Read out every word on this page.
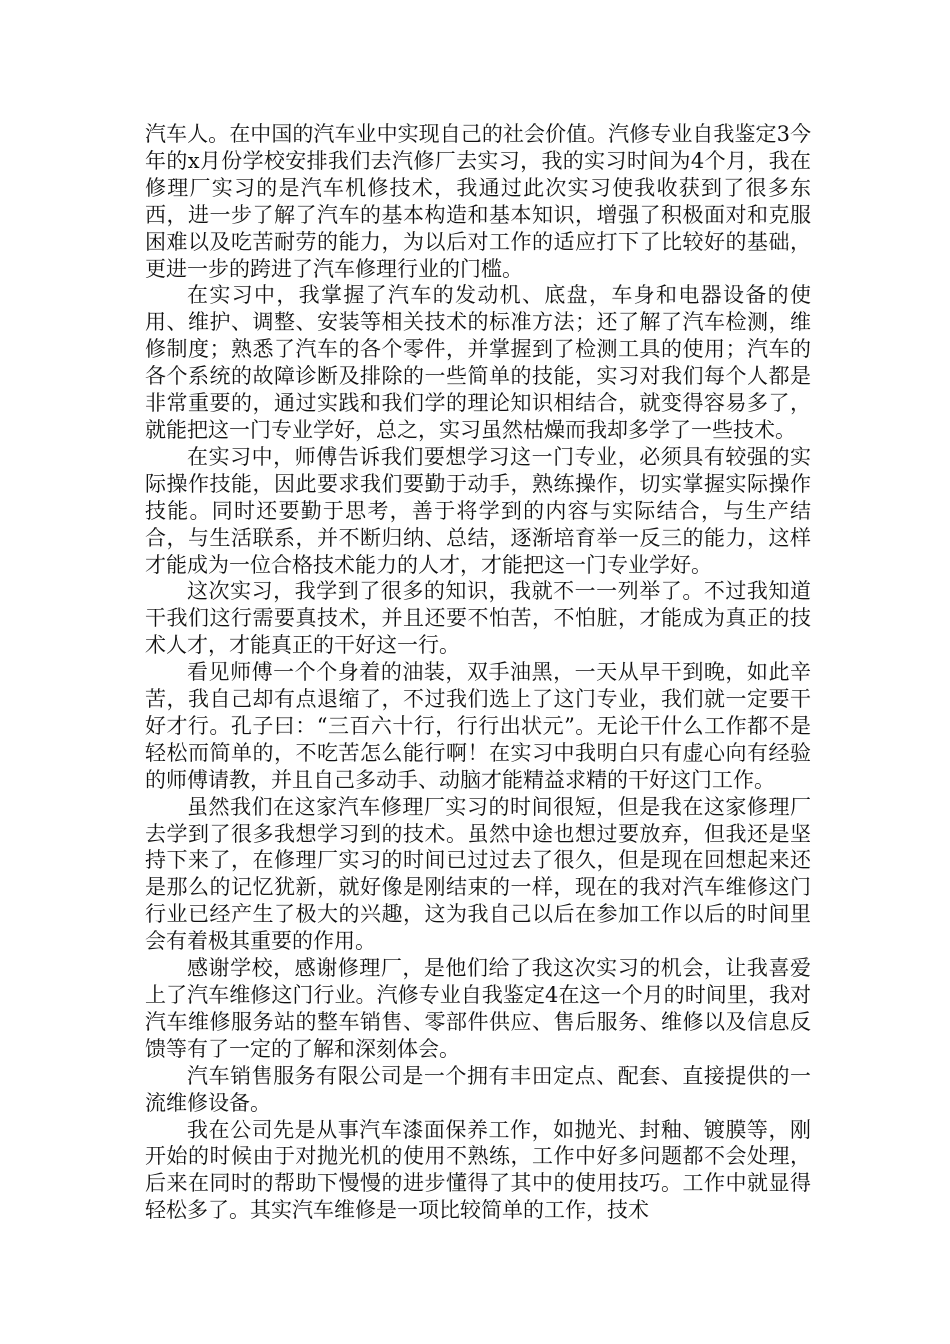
汽车人。在中国的汽车业中实现自己的社会价值。汽修专业自我鉴定3今年的x月份学校安排我们去汽修厂去实习，我的实习时间为4个月，我在修理厂实习的是汽车机修技术，我通过此次实习使我收获到了很多东西，进一步了解了汽车的基本构造和基本知识，增强了积极面对和克服困难以及吃苦耐劳的能力，为以后对工作的适应打下了比较好的基础，更进一步的跨进了汽车修理行业的门槛。

在实习中，我掌握了汽车的发动机、底盘，车身和电器设备的使用、维护、调整、安装等相关技术的标准方法；还了解了汽车检测，维修制度；熟悉了汽车的各个零件，并掌握到了检测工具的使用；汽车的各个系统的故障诊断及排除的一些简单的技能，实习对我们每个人都是非常重要的，通过实践和我们学的理论知识相结合，就变得容易多了，就能把这一门专业学好，总之，实习虽然枯燥而我却多学了一些技术。

在实习中，师傅告诉我们要想学习这一门专业，必须具有较强的实际操作技能，因此要求我们要勤于动手，熟练操作，切实掌握实际操作技能。同时还要勤于思考，善于将学到的内容与实际结合，与生产结合，与生活联系，并不断归纳、总结，逐渐培育举一反三的能力，这样才能成为一位合格技术能力的人才，才能把这一门专业学好。

这次实习，我学到了很多的知识，我就不一一列举了。不过我知道干我们这行需要真技术，并且还要不怕苦，不怕脏，才能成为真正的技术人才，才能真正的干好这一行。

看见师傅一个个身着的油装，双手油黑，一天从早干到晚，如此辛苦，我自己却有点退缩了，不过我们选上了这门专业，我们就一定要干好才行。孔子曰：“三百六十行，行行出状元”。无论干什么工作都不是轻松而简单的，不吃苦怎么能行啊！在实习中我明白只有虚心向有经验的师傅请教，并且自己多动手、动脑才能精益求精的干好这门工作。

虽然我们在这家汽车修理厂实习的时间很短，但是我在这家修理厂去学到了很多我想学习到的技术。虽然中途也想过要放弃，但我还是坚持下来了，在修理厂实习的时间已过过去了很久，但是现在回想起来还是那么的记忆犹新，就好像是刚结束的一样，现在的我对汽车维修这门行业已经产生了极大的兴趣，这为我自己以后在参加工作以后的时间里会有着极其重要的作用。

感谢学校，感谢修理厂，是他们给了我这次实习的机会，让我喜爱上了汽车维修这门行业。汽修专业自我鉴定4在这一个月的时间里，我对汽车维修服务站的整车销售、零部件供应、售后服务、维修以及信息反馈等有了一定的了解和深刻体会。

汽车销售服务有限公司是一个拥有丰田定点、配套、直接提供的一流维修设备。

我在公司先是从事汽车漆面保养工作，如抛光、封釉、镀膜等，刚开始的时候由于对抛光机的使用不熟练，工作中好多问题都不会处理，后来在同时的帮助下慢慢的进步懂得了其中的使用技巧。工作中就显得轻松多了。其实汽车维修是一项比较简单的工作，技术
